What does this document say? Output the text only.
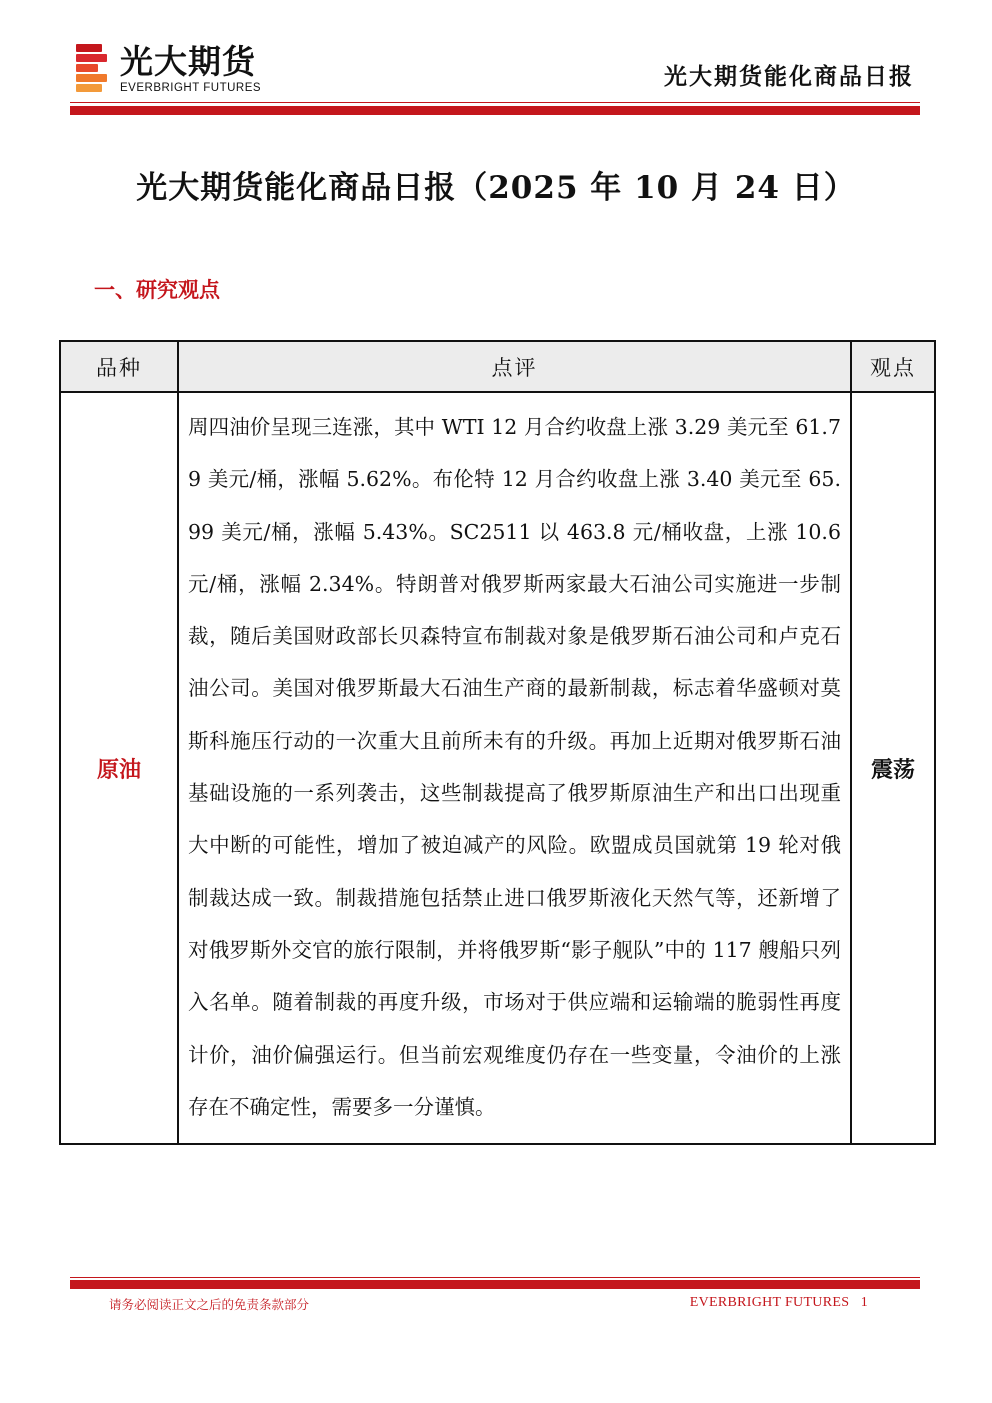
光大期货
EVERBRIGHT FUTURES	光大期货能化商品日报
光大期货能化商品日报（2025 年 10 月 24 日）
一、研究观点
品种	点评	观点
原油	周四油价呈现三连涨，其中 WTI 12 月合约收盘上涨 3.29 美元至 61.79 美元/桶，涨幅 5.62%。布伦特 12 月合约收盘上涨 3.40 美元至 65.99 美元/桶，涨幅 5.43%。SC2511 以 463.8 元/桶收盘，上涨 10.6 元/桶，涨幅 2.34%。特朗普对俄罗斯两家最大石油公司实施进一步制裁，随后美国财政部长贝森特宣布制裁对象是俄罗斯石油公司和卢克石油公司。美国对俄罗斯最大石油生产商的最新制裁，标志着华盛顿对莫斯科施压行动的一次重大且前所未有的升级。再加上近期对俄罗斯石油基础设施的一系列袭击，这些制裁提高了俄罗斯原油生产和出口出现重大中断的可能性，增加了被迫减产的风险。欧盟成员国就第 19 轮对俄制裁达成一致。制裁措施包括禁止进口俄罗斯液化天然气等，还新增了对俄罗斯外交官的旅行限制，并将俄罗斯“影子舰队”中的 117 艘船只列入名单。随着制裁的再度升级，市场对于供应端和运输端的脆弱性再度计价，油价偏强运行。但当前宏观维度仍存在一些变量，令油价的上涨存在不确定性，需要多一分谨慎。	震荡
请务必阅读正文之后的免责条款部分	EVERBRIGHT FUTURES 1
